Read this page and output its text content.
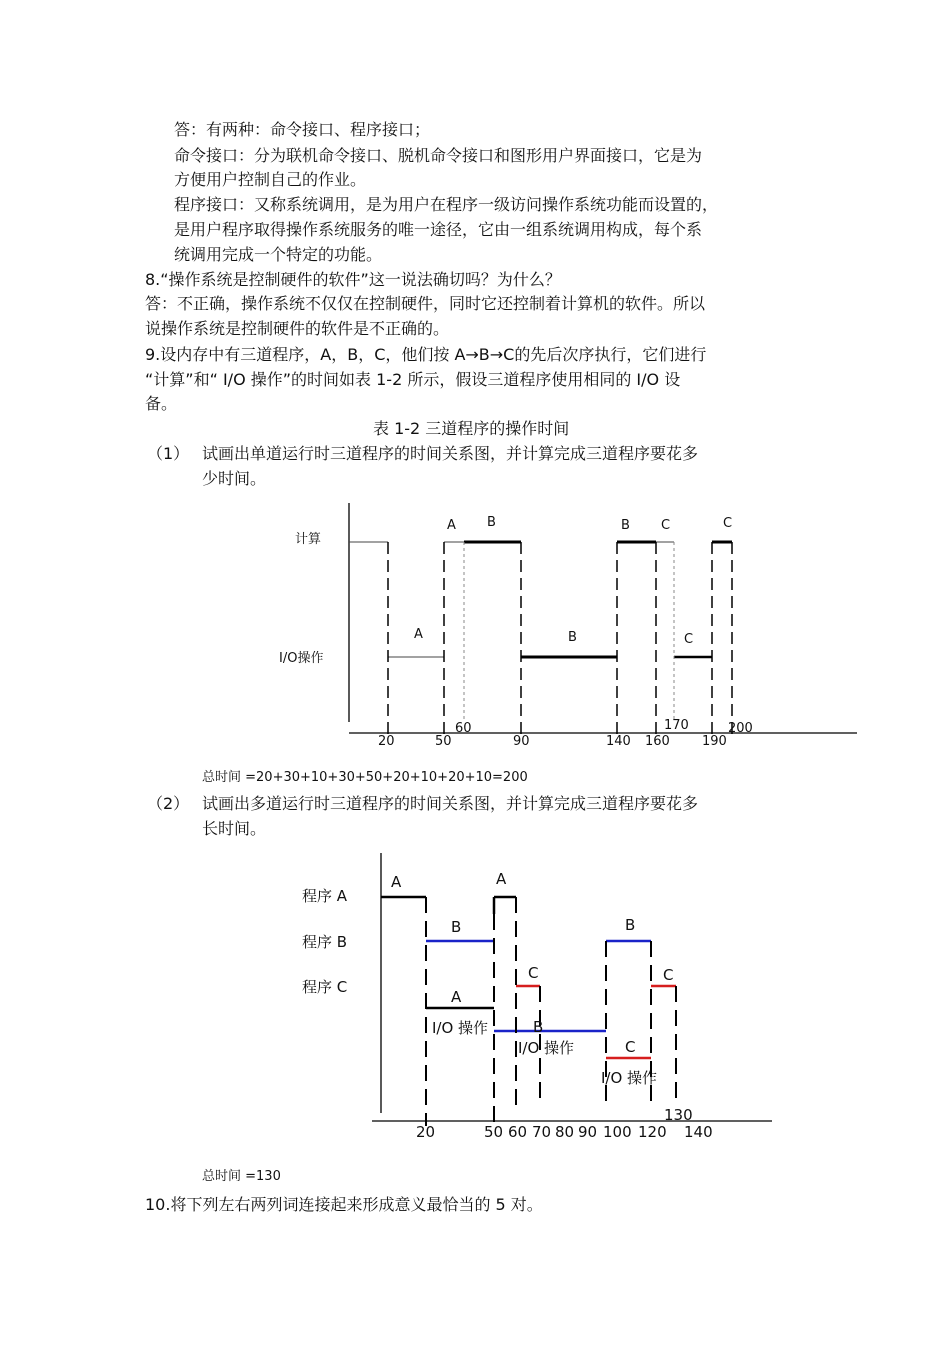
答：有两种：命令接口、程序接口；
命令接口：分为联机命令接口、脱机命令接口和图形用户界面接口，它是为
方便用户控制自己的作业。
程序接口：又称系统调用，是为用户在程序一级访问操作系统功能而设置的，
是用户程序取得操作系统服务的唯一途径，它由一组系统调用构成，每个系
统调用完成一个特定的功能。
8.“操作系统是控制硬件的软件”这一说法确切吗？为什么？
答：不正确，操作系统不仅仅在控制硬件，同时它还控制着计算机的软件。所以
说操作系统是控制硬件的软件是不正确的。
9.设内存中有三道程序，A，B，C，他们按 A→B→C的先后次序执行，它们进行
“计算”和“ I/O 操作”的时间如表 1-2 所示，假设三道程序使用相同的 I/O 设
备。
表 1-2 三道程序的操作时间
（1） 试画出单道运行时三道程序的时间关系图，并计算完成三道程序要花多
少时间。
计算
I/O操作
A B	B C	C
A	B	C
20	50
60
90	140 160
170
190
200
总时间 =20+30+10+30+50+20+10+20+10=200
（2） 试画出多道运行时三道程序的时间关系图，并计算完成三道程序要花多
长时间。
程序 A
程序 B
程序 C
A	A
B	B
C	C
A
I/O 操作	B
I/O 操作	C
I/O 操作
20	50 60 70 80 90 100 120
130
140
总时间 =130
10.将下列左右两列词连接起来形成意义最恰当的 5 对。
